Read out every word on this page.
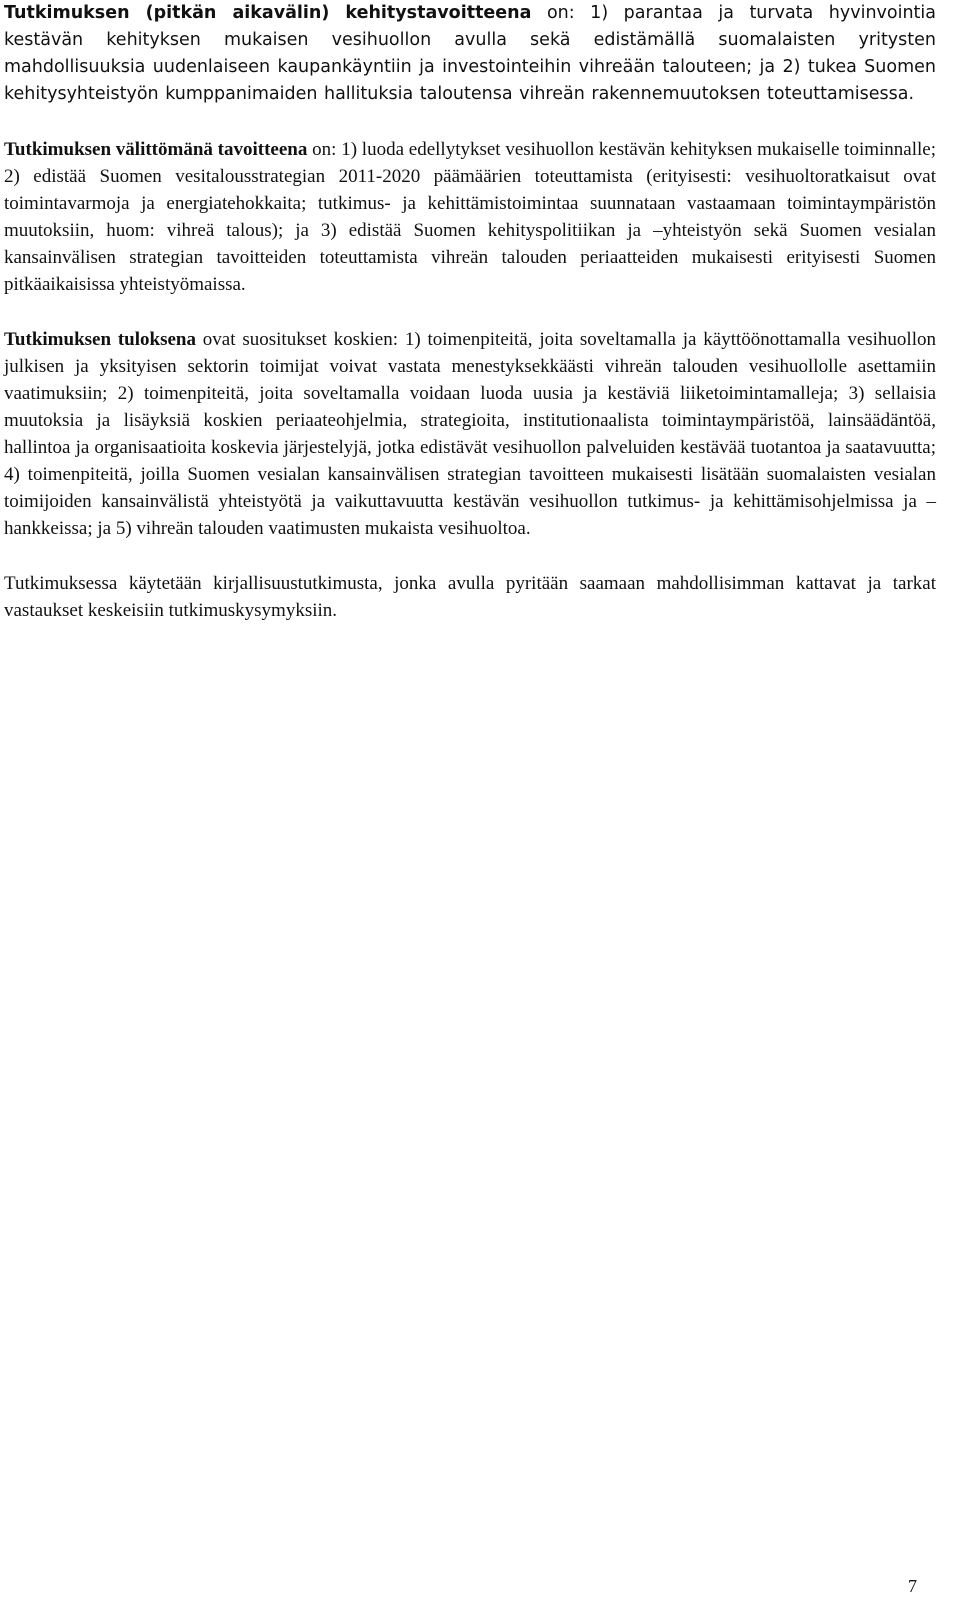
Tutkimuksen (pitkän aikavälin) kehitystavoitteena on: 1) parantaa ja turvata hyvinvointia kestävän kehityksen mukaisen vesihuollon avulla sekä edistämällä suomalaisten yritysten mahdollisuuksia uudenlaiseen kaupankäyntiin ja investointeihin vihreään talouteen; ja 2) tukea Suomen kehitysyhteistyön kumppanimaiden hallituksia taloutensa vihreän rakennemuutoksen toteuttamisessa.

Tutkimuksen välittömänä tavoitteena on: 1) luoda edellytykset vesihuollon kestävän kehityksen mukaiselle toiminnalle; 2) edistää Suomen vesitalousstrategian 2011-2020 päämäärien toteuttamista (erityisesti: vesihuoltoratkaisut ovat toimintavarmoja ja energiatehokkaita; tutkimus- ja kehittämistoimintaa suunnataan vastaamaan toimintaympäristön muutoksiin, huom: vihreä talous); ja 3) edistää Suomen kehityspolitiikan ja –yhteistyön sekä Suomen vesialan kansainvälisen strategian tavoitteiden toteuttamista vihreän talouden periaatteiden mukaisesti erityisesti Suomen pitkäaikaisissa yhteistyömaissa.

Tutkimuksen tuloksena ovat suositukset koskien: 1) toimenpiteitä, joita soveltamalla ja käyttöönottamalla vesihuollon julkisen ja yksityisen sektorin toimijat voivat vastata menestyksekkäästi vihreän talouden vesihuollolle asettamiin vaatimuksiin; 2) toimenpiteitä, joita soveltamalla voidaan luoda uusia ja kestäviä liiketoimintamalleja; 3) sellaisia muutoksia ja lisäyksiä koskien periaateohjelmia, strategioita, institutionaalista toimintaympäristöä, lainsäädäntöä, hallintoa ja organisaatioita koskevia järjestelyjä, jotka edistävät vesihuollon palveluiden kestävää tuotantoa ja saatavuutta; 4) toimenpiteitä, joilla Suomen vesialan kansainvälisen strategian tavoitteen mukaisesti lisätään suomalaisten vesialan toimijoiden kansainvälistä yhteistyötä ja vaikuttavuutta kestävän vesihuollon tutkimus- ja kehittämisohjelmissa ja –hankkeissa; ja 5) vihreän talouden vaatimusten mukaista vesihuoltoa.

Tutkimuksessa käytetään kirjallisuustutkimusta, jonka avulla pyritään saamaan mahdollisimman kattavat ja tarkat vastaukset keskeisiin tutkimuskysymyksiin.

7
